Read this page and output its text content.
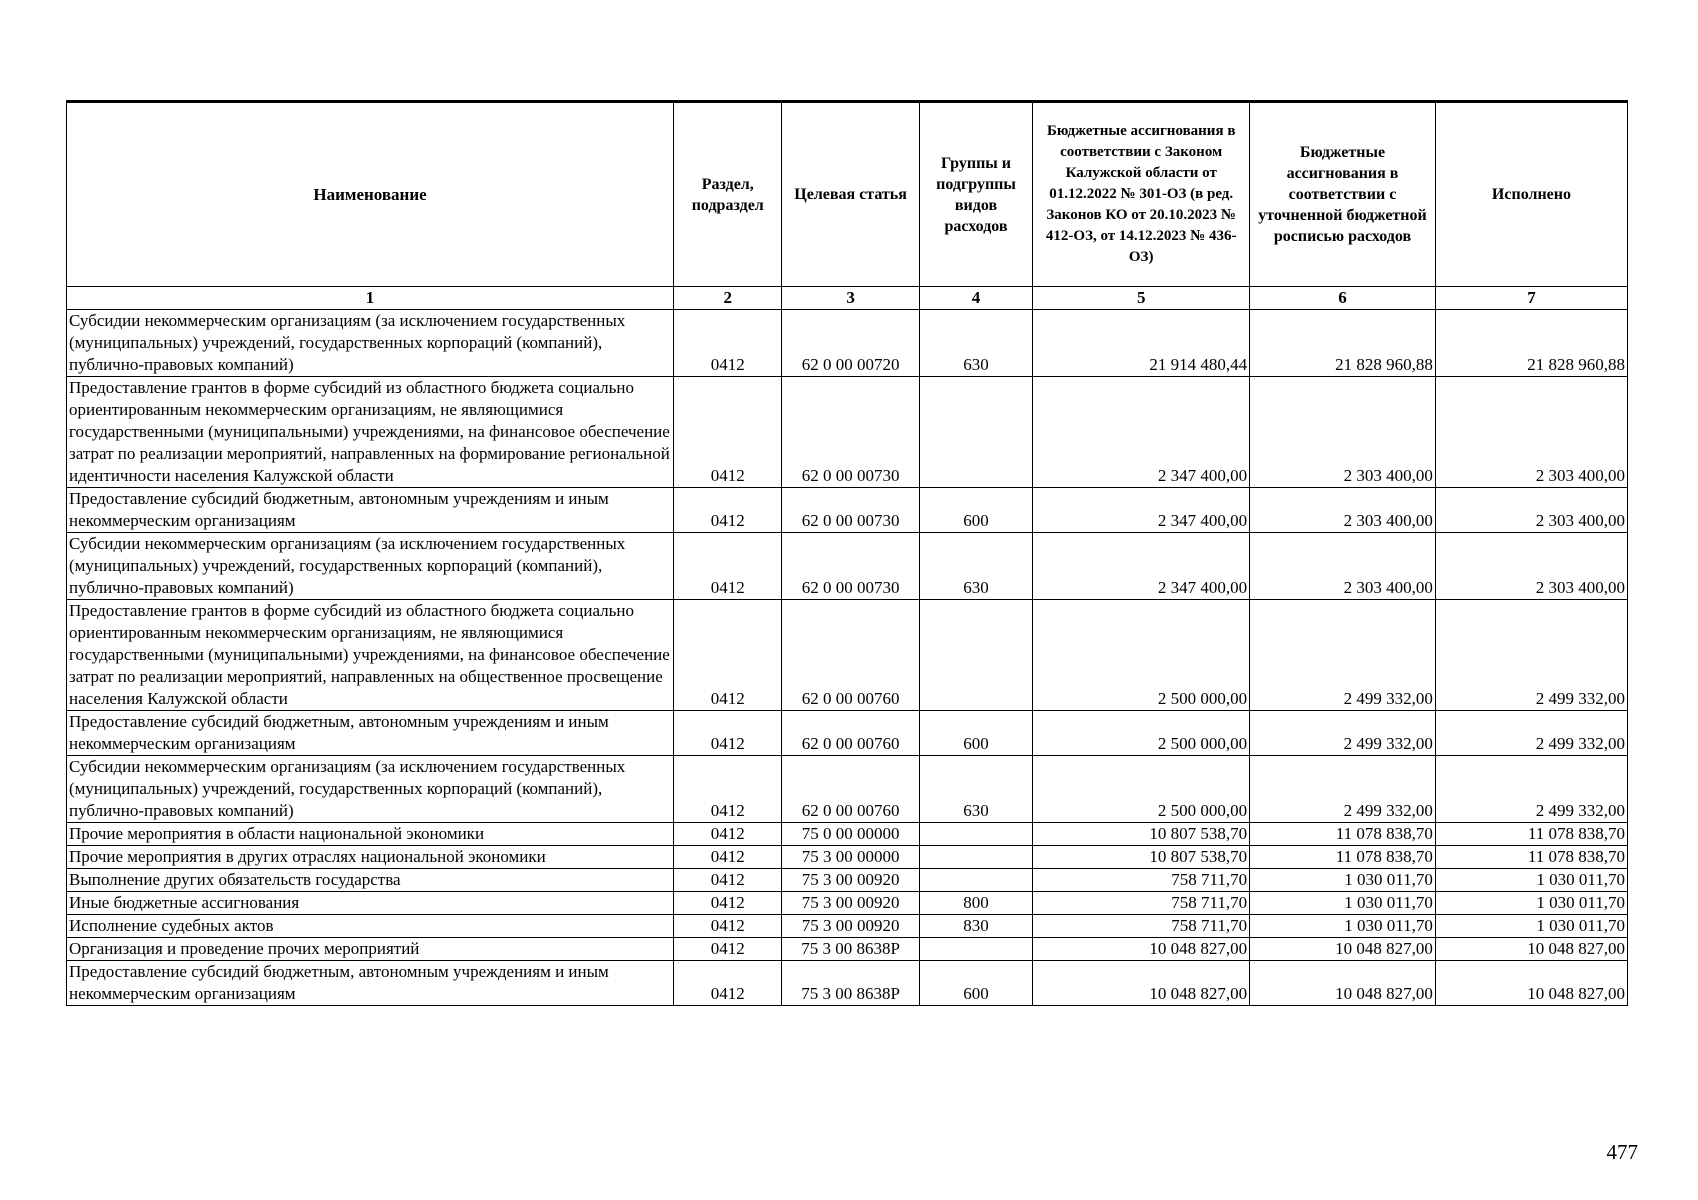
Наименование	Раздел, подраздел	Целевая статья	Группы и подгруппы видов расходов	Бюджетные ассигнования в соответствии с Законом Калужской области от 01.12.2022 № 301-ОЗ (в ред. Законов КО от 20.10.2023 № 412-ОЗ, от 14.12.2023 № 436-ОЗ)	Бюджетные ассигнования в соответствии с уточненной бюджетной росписью расходов	Исполнено
1	2	3	4	5	6	7
Субсидии некоммерческим организациям (за исключением государственных (муниципальных) учреждений, государственных корпораций (компаний), публично-правовых компаний)	0412	62 0 00 00720	630	21 914 480,44	21 828 960,88	21 828 960,88
Предоставление грантов в форме субсидий из областного бюджета социально ориентированным некоммерческим организациям, не являющимися государственными (муниципальными) учреждениями, на финансовое обеспечение затрат по реализации мероприятий, направленных на формирование региональной идентичности населения Калужской области	0412	62 0 00 00730		2 347 400,00	2 303 400,00	2 303 400,00
Предоставление субсидий бюджетным, автономным учреждениям и иным некоммерческим организациям	0412	62 0 00 00730	600	2 347 400,00	2 303 400,00	2 303 400,00
Субсидии некоммерческим организациям (за исключением государственных (муниципальных) учреждений, государственных корпораций (компаний), публично-правовых компаний)	0412	62 0 00 00730	630	2 347 400,00	2 303 400,00	2 303 400,00
Предоставление грантов в форме субсидий из областного бюджета социально ориентированным некоммерческим организациям, не являющимися государственными (муниципальными) учреждениями, на финансовое обеспечение затрат по реализации мероприятий, направленных на общественное просвещение населения Калужской области	0412	62 0 00 00760		2 500 000,00	2 499 332,00	2 499 332,00
Предоставление субсидий бюджетным, автономным учреждениям и иным некоммерческим организациям	0412	62 0 00 00760	600	2 500 000,00	2 499 332,00	2 499 332,00
Субсидии некоммерческим организациям (за исключением государственных (муниципальных) учреждений, государственных корпораций (компаний), публично-правовых компаний)	0412	62 0 00 00760	630	2 500 000,00	2 499 332,00	2 499 332,00
Прочие мероприятия в области национальной экономики	0412	75 0 00 00000		10 807 538,70	11 078 838,70	11 078 838,70
Прочие мероприятия в других отраслях национальной экономики	0412	75 3 00 00000		10 807 538,70	11 078 838,70	11 078 838,70
Выполнение других обязательств государства	0412	75 3 00 00920		758 711,70	1 030 011,70	1 030 011,70
Иные бюджетные ассигнования	0412	75 3 00 00920	800	758 711,70	1 030 011,70	1 030 011,70
Исполнение судебных актов	0412	75 3 00 00920	830	758 711,70	1 030 011,70	1 030 011,70
Организация и проведение прочих мероприятий	0412	75 3 00 8638Р		10 048 827,00	10 048 827,00	10 048 827,00
Предоставление субсидий бюджетным, автономным учреждениям и иным некоммерческим организациям	0412	75 3 00 8638Р	600	10 048 827,00	10 048 827,00	10 048 827,00
477
